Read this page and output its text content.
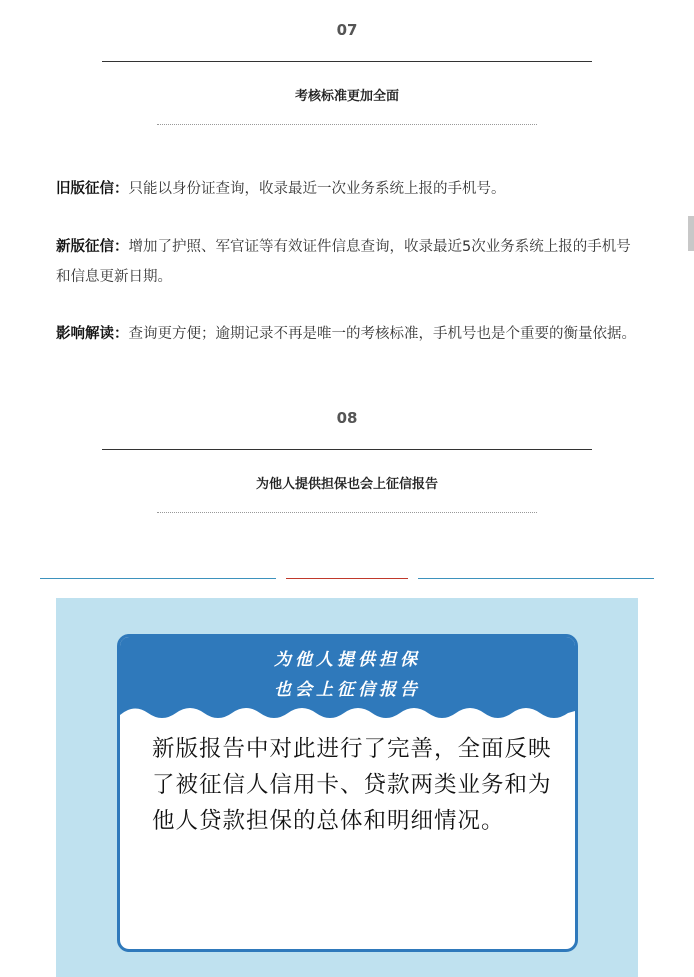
07
考核标准更加全面

旧版征信：只能以身份证查询，收录最近一次业务系统上报的手机号。

新版征信：增加了护照、军官证等有效证件信息查询，收录最近5次业务系统上报的手机号和信息更新日期。

影响解读：查询更方便；逾期记录不再是唯一的考核标准，手机号也是个重要的衡量依据。

08
为他人提供担保也会上征信报告
为他人提供担保
也会上征信报告
新版报告中对此进行了完善，全面反映了被征信人信用卡、贷款两类业务和为他人贷款担保的总体和明细情况。
